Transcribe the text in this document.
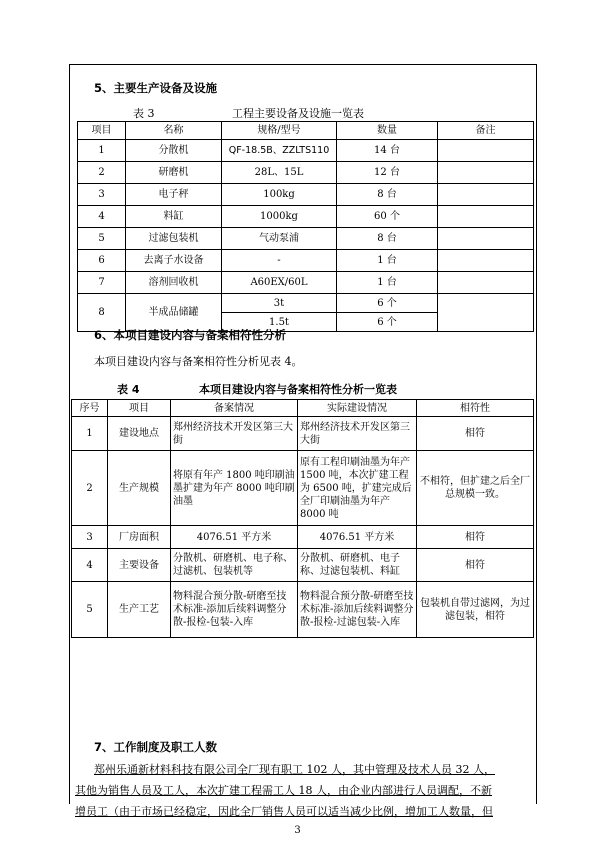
5、主要生产设备及设施
表 3	工程主要设备及设施一览表
项目	名称	规格/型号	数量	备注
1	分散机	QF-18.5B、ZZLTS110	14 台	
2	研磨机	28L、15L	12 台	
3	电子秤	100kg	8 台	
4	料缸	1000kg	60 个	
5	过滤包装机	气动泵浦	8 台	
6	去离子水设备	-	1 台	
7	溶剂回收机	A60EX/60L	1 台	
8	半成品储罐	3t	6 个	
		1.5t	6 个	
6、本项目建设内容与备案相符性分析
本项目建设内容与备案相符性分析见表 4。
表 4	本项目建设内容与备案相符性分析一览表
序号	项目	备案情况	实际建设情况	相符性
1	建设地点	郑州经济技术开发区第三大街	郑州经济技术开发区第三大街	相符
2	生产规模	将原有年产 1800 吨印刷油墨扩建为年产 8000 吨印刷油墨	原有工程印刷油墨为年产 1500 吨，本次扩建工程为 6500 吨，扩建完成后全厂印刷油墨为年产 8000 吨	不相符，但扩建之后全厂总规模一致。
3	厂房面积	4076.51 平方米	4076.51 平方米	相符
4	主要设备	分散机、研磨机、电子称、过滤机、包装机等	分散机、研磨机、电子称、过滤包装机、料缸	相符
5	生产工艺	物料混合预分散-研磨至技术标准-添加后续料调整分散-报检-包装-入库	物料混合预分散-研磨至技术标准-添加后续料调整分散-报检-过滤包装-入库	包装机自带过滤网，为过滤包装，相符
7、工作制度及职工人数
郑州乐通新材料科技有限公司全厂现有职工 102 人，其中管理及技术人员 32 人，
其他为销售人员及工人，本次扩建工程需工人 18 人，由企业内部进行人员调配，不新
增员工（由于市场已经稳定，因此全厂销售人员可以适当减少比例，增加工人数量，但
3
